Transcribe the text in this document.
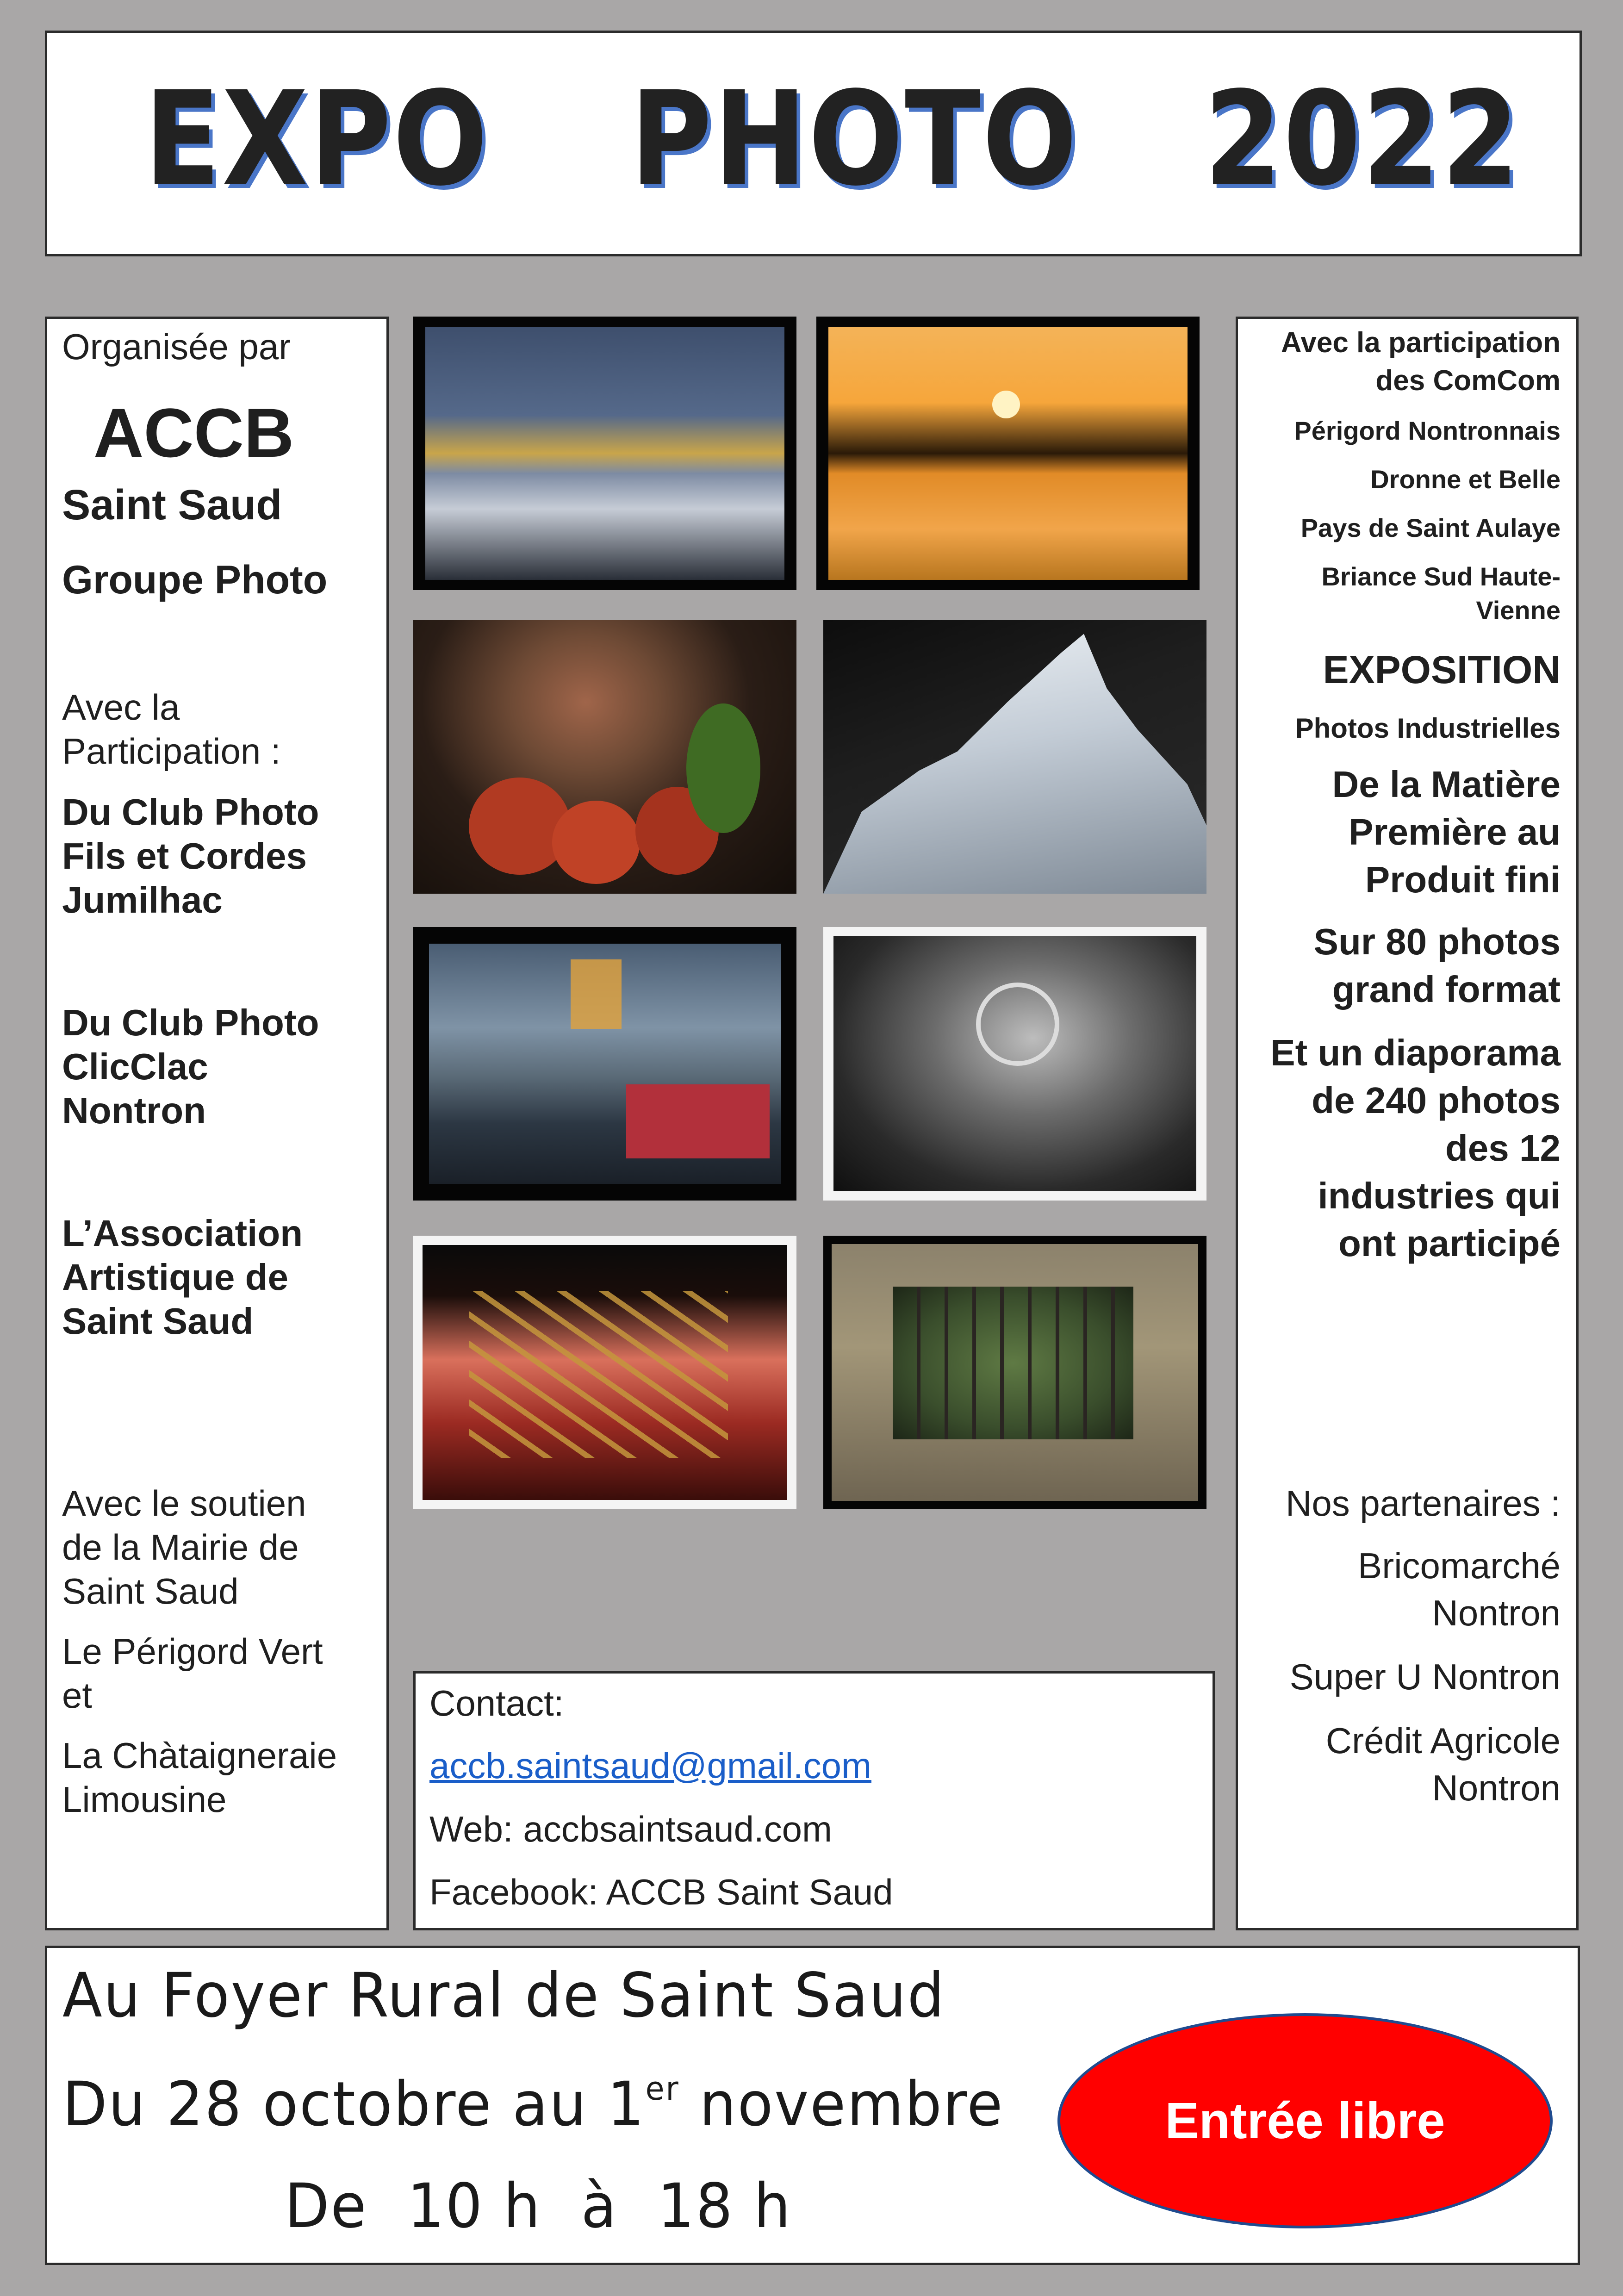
EXPO PHOTO 2022
Organisée par
ACCB
Saint Saud
Groupe Photo
Avec la
Participation :
Du Club Photo
Fils et Cordes
Jumilhac
Du Club Photo
ClicClac
Nontron
L’Association
Artistique de
Saint Saud
Avec le soutien
de la Mairie de
Saint Saud
Le Périgord Vert
et
La Chàtaigneraie
Limousine
Avec la participation
des ComCom
Périgord Nontronnais
Dronne et Belle
Pays de Saint Aulaye
Briance Sud Haute-
Vienne
EXPOSITION
Photos Industrielles
De la Matière
Première au
Produit fini
Sur 80 photos
grand format
Et un diaporama
de 240 photos
des 12
industries qui
ont participé
Nos partenaires :
Bricomarché
Nontron
Super U Nontron
Crédit Agricole
Nontron
Contact:
accb.saintsaud@gmail.com
Web: accbsaintsaud.com
Facebook: ACCB Saint Saud
Au Foyer Rural de Saint Saud
Du 28 octobre au 1er novembre
De  10 h  à  18 h
Entrée libre
